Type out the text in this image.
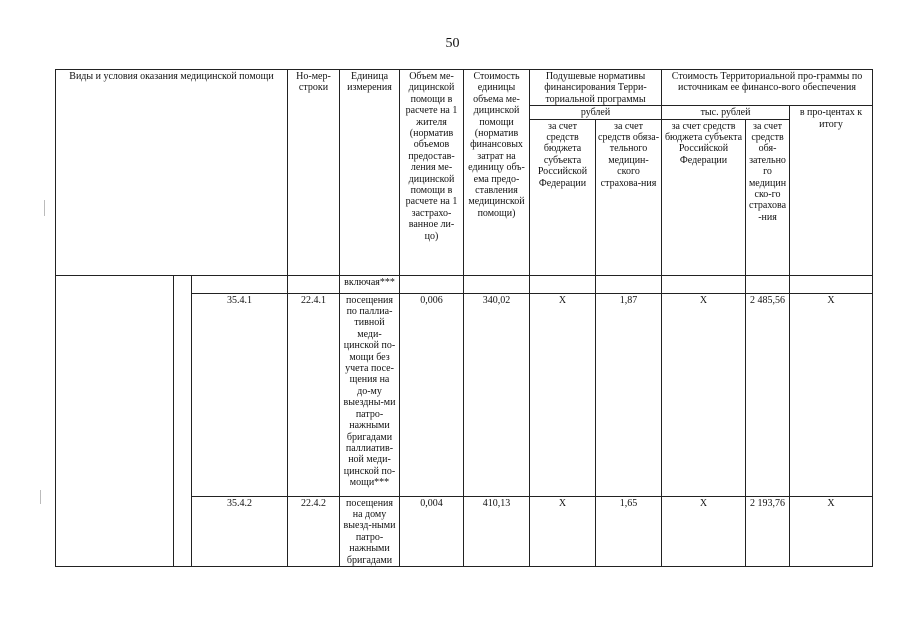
50
Виды и условия оказания медицинской помощи			Но-мер-строки	Единица измерения	Объем ме-дицинской помощи в расчете на 1 жителя (норматив объемов предостав-ления ме-дицинской помощи в расчете на 1 застрахо-ванное ли-цо)	Стоимость единицы объема ме-дицинской помощи (норматив финансовых затрат на единицу объ-ема предо-ставления медицинской помощи)	Подушевые нормативы финансирования Терри-ториальной программы		Стоимость Территориальной про-граммы по источникам ее финансо-вого обеспечения		
							рублей		тыс. рублей		в про-центах к итогу
							за счет средств бюджета субъекта Российской Федерации	за счет средств обяза-тельного медицин-ского страхова-ния	за счет средств бюджета субъекта Российской Федерации	за счет средств обя-зательного медицинско-го страхова-ния	
				включая***							
		35.4.1	22.4.1	посещения по паллиа-тивной меди-цинской по-мощи без учета посе-щения на до-му выездны-ми патро-нажными бригадами паллиатив-ной меди-цинской по-мощи***	0,006	340,02	Х	1,87	Х	2 485,56	Х
		35.4.2	22.4.2	посещения на дому выезд-ными патро-нажными бригадами	0,004	410,13	Х	1,65	Х	2 193,76	Х
